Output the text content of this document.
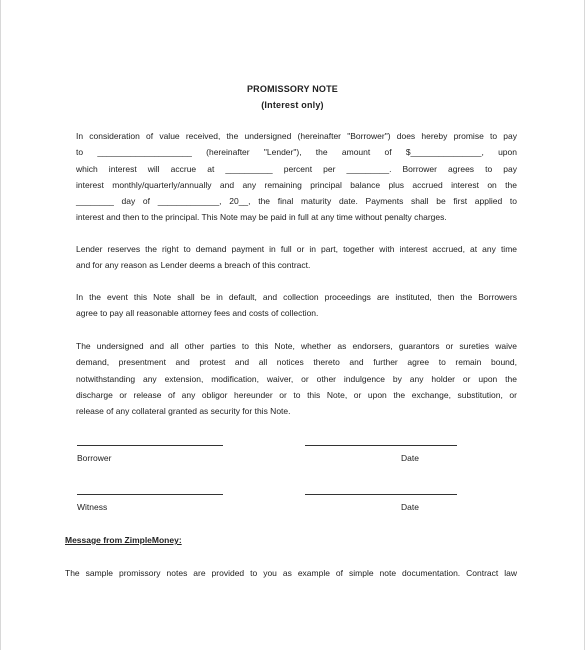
PROMISSORY NOTE
(Interest only)
In consideration of value received, the undersigned (hereinafter "Borrower") does hereby promise to pay
to ____________________ (hereinafter "Lender"), the amount of $_______________, upon
which interest will accrue at __________ percent per _________. Borrower agrees to pay
interest monthly/quarterly/annually and any remaining principal balance plus accrued interest on the
________ day of _____________, 20__, the final maturity date. Payments shall be first applied to
interest and then to the principal. This Note may be paid in full at any time without penalty charges.
Lender reserves the right to demand payment in full or in part, together with interest accrued, at any time
and for any reason as Lender deems a breach of this contract.
In the event this Note shall be in default, and collection proceedings are instituted, then the Borrowers
agree to pay all reasonable attorney fees and costs of collection.
The undersigned and all other parties to this Note, whether as endorsers, guarantors or sureties waive
demand, presentment and protest and all notices thereto and further agree to remain bound,
notwithstanding any extension, modification, waiver, or other indulgence by any holder or upon the
discharge or release of any obligor hereunder or to this Note, or upon the exchange, substitution, or
release of any collateral granted as security for this Note.
Borrower	Date
Witness	Date
Message from ZimpleMoney:
The sample promissory notes are provided to you as example of simple note documentation. Contract law
